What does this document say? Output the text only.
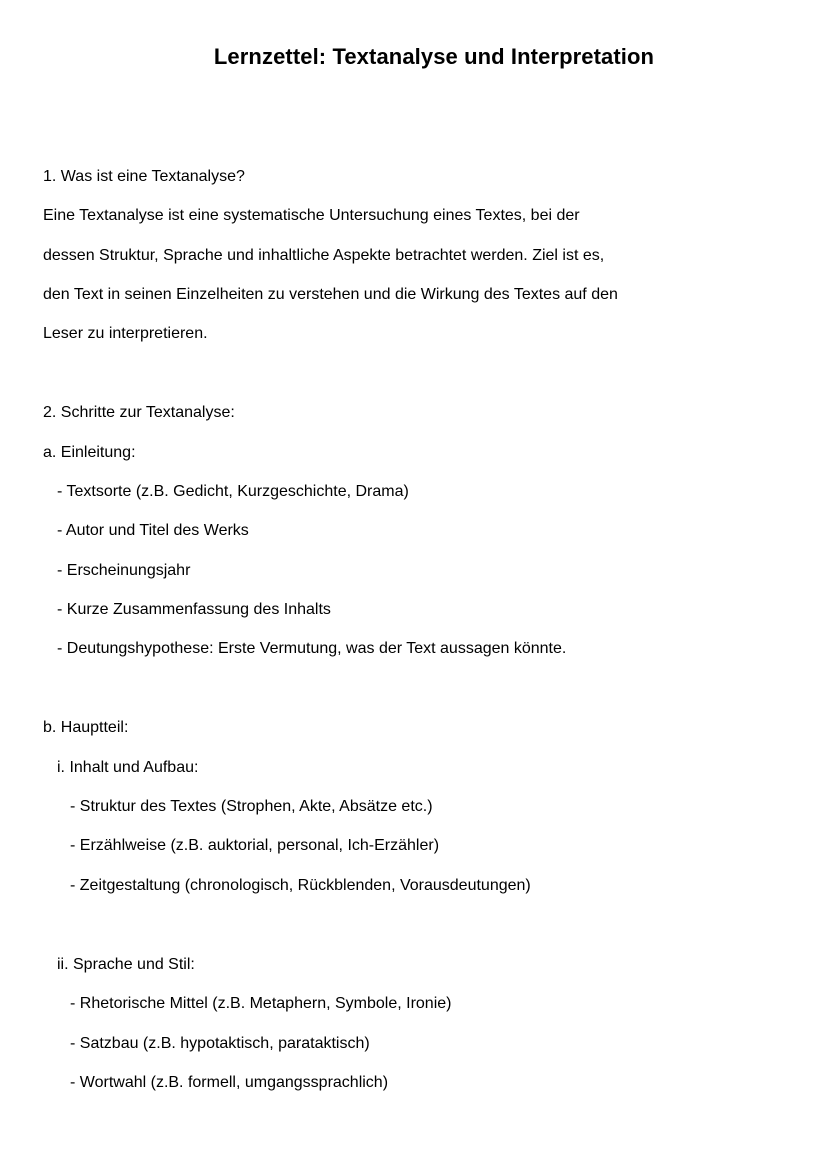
Lernzettel: Textanalyse und Interpretation
1. Was ist eine Textanalyse?
Eine Textanalyse ist eine systematische Untersuchung eines Textes, bei der
dessen Struktur, Sprache und inhaltliche Aspekte betrachtet werden. Ziel ist es,
den Text in seinen Einzelheiten zu verstehen und die Wirkung des Textes auf den
Leser zu interpretieren.
2. Schritte zur Textanalyse:
a. Einleitung:
- Textsorte (z.B. Gedicht, Kurzgeschichte, Drama)
- Autor und Titel des Werks
- Erscheinungsjahr
- Kurze Zusammenfassung des Inhalts
- Deutungshypothese: Erste Vermutung, was der Text aussagen könnte.
b. Hauptteil:
i. Inhalt und Aufbau:
- Struktur des Textes (Strophen, Akte, Absätze etc.)
- Erzählweise (z.B. auktorial, personal, Ich-Erzähler)
- Zeitgestaltung (chronologisch, Rückblenden, Vorausdeutungen)
ii. Sprache und Stil:
- Rhetorische Mittel (z.B. Metaphern, Symbole, Ironie)
- Satzbau (z.B. hypotaktisch, parataktisch)
- Wortwahl (z.B. formell, umgangssprachlich)
